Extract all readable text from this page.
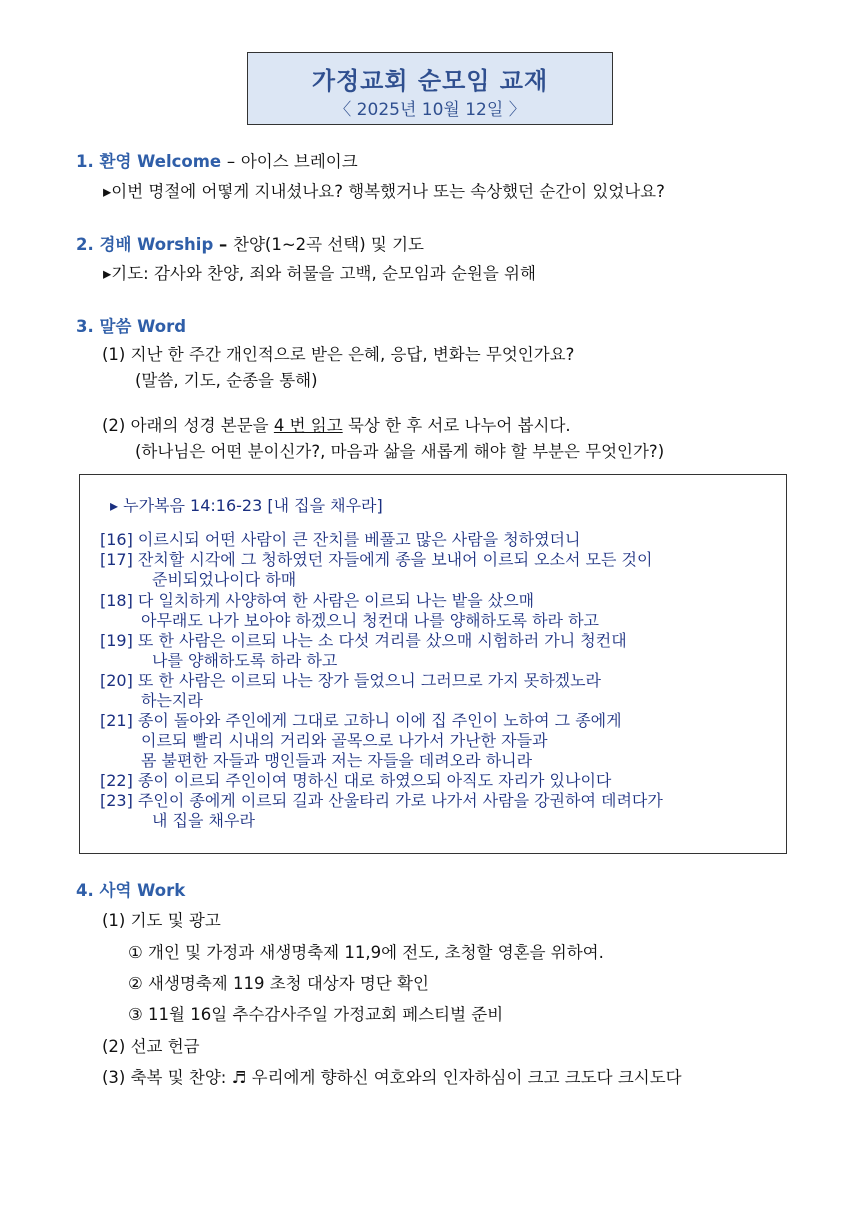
가정교회 순모임 교재
〈 2025년 10월 12일 〉
1. 환영 Welcome – 아이스 브레이크
▸이번 명절에 어떻게 지내셨나요? 행복했거나 또는 속상했던 순간이 있었나요?
2. 경배 Worship – 찬양(1~2곡 선택) 및 기도
▸기도: 감사와 찬양, 죄와 허물을 고백, 순모임과 순원을 위해
3. 말씀 Word
(1) 지난 한 주간 개인적으로 받은 은혜, 응답, 변화는 무엇인가요?
(말씀, 기도, 순종을 통해)
(2) 아래의 성경 본문을 4 번 읽고 묵상 한 후 서로 나누어 봅시다.
(하나님은 어떤 분이신가?, 마음과 삶을 새롭게 해야 할 부분은 무엇인가?)
▸ 누가복음 14:16-23 [내 집을 채우라]
[16] 이르시되 어떤 사람이 큰 잔치를 베풀고 많은 사람을 청하였더니
[17] 잔치할 시각에 그 청하였던 자들에게 종을 보내어 이르되 오소서 모든 것이
준비되었나이다 하매
[18] 다 일치하게 사양하여 한 사람은 이르되 나는 밭을 샀으매
아무래도 나가 보아야 하겠으니 청컨대 나를 양해하도록 하라 하고
[19] 또 한 사람은 이르되 나는 소 다섯 겨리를 샀으매 시험하러 가니 청컨대
나를 양해하도록 하라 하고
[20] 또 한 사람은 이르되 나는 장가 들었으니 그러므로 가지 못하겠노라
하는지라
[21] 종이 돌아와 주인에게 그대로 고하니 이에 집 주인이 노하여 그 종에게
이르되 빨리 시내의 거리와 골목으로 나가서 가난한 자들과
몸 불편한 자들과 맹인들과 저는 자들을 데려오라 하니라
[22] 종이 이르되 주인이여 명하신 대로 하였으되 아직도 자리가 있나이다
[23] 주인이 종에게 이르되 길과 산울타리 가로 나가서 사람을 강권하여 데려다가
내 집을 채우라
4. 사역 Work
(1) 기도 및 광고
① 개인 및 가정과 새생명축제 11,9에 전도, 초청할 영혼을 위하여.
② 새생명축제 119 초청 대상자 명단 확인
③ 11월 16일 추수감사주일 가정교회 페스티벌 준비
(2) 선교 헌금
(3) 축복 및 찬양: ♬ 우리에게 향하신 여호와의 인자하심이 크고 크도다 크시도다
